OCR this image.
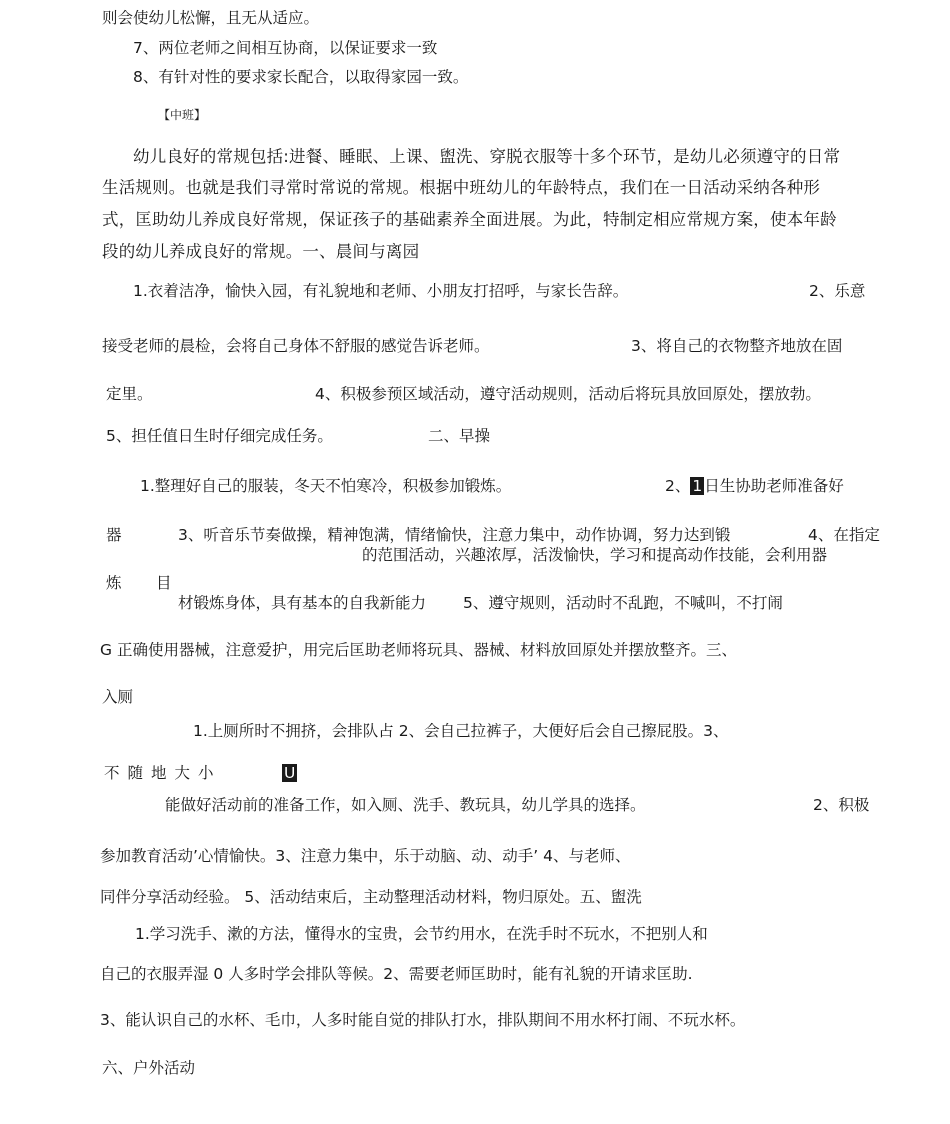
则会使幼儿松懈，且无从适应。
7、两位老师之间相互协商，以保证要求一致
8、有针对性的要求家长配合，以取得家园一致。
【中班】
幼儿良好的常规包括:进餐、睡眠、上课、盥洗、穿脱衣服等十多个环节，是幼儿必须遵守的日常
生活规则。也就是我们寻常时常说的常规。根据中班幼儿的年龄特点，我们在一日活动采纳各种形
式，匡助幼儿养成良好常规，保证孩子的基础素养全面进展。为此，特制定相应常规方案，使本年龄
段的幼儿养成良好的常规。一、晨间与离园
1.衣着洁净，愉快入园，有礼貌地和老师、小朋友打招呼，与家长告辞。	2、乐意
接受老师的晨检，会将自己身体不舒服的感觉告诉老师。	3、将自己的衣物整齐地放在固
定里。	4、积极参预区域活动，遵守活动规则，活动后将玩具放回原处，摆放勃。
5、担任值日生时仔细完成任务。	二、早操
1.整理好自己的服装，冬天不怕寒冷，积极参加锻炼。	2、 1 日生协助老师准备好
器	3、听音乐节奏做操，精神饱满，情绪愉快，注意力集中，动作协调，努力达到锻	4、在指定
的范围活动，兴趣浓厚，活泼愉快，学习和提高动作技能，会利用器
炼 目
材锻炼身体，具有基本的自我新能力 5、遵守规则，活动时不乱跑，不喊叫，不打闹
G 正确使用器械，注意爱护，用完后匡助老师将玩具、器械、材料放回原处并摆放整齐。三、
入厕
1.上厕所时不拥挤，会排队占 2、会自己拉裤子，大便好后会自己擦屁股。3、
不随地大小	U
能做好活动前的准备工作，如入厕、洗手、教玩具，幼儿学具的选择。	2、积极
参加教育活动’心情愉快。3、注意力集中，乐于动脑、动、动手’ 4、与老师、
同伴分享活动经验。 5、活动结束后，主动整理活动材料，物归原处。五、盥洗
1.学习洗手、漱的方法，懂得水的宝贵，会节约用水，在洗手时不玩水，不把别人和
自己的衣服弄湿 0 人多时学会排队等候。2、需要老师匡助时，能有礼貌的开请求匡助.
3、能认识自己的水杯、毛巾，人多时能自觉的排队打水，排队期间不用水杯打闹、不玩水杯。
六、户外活动
